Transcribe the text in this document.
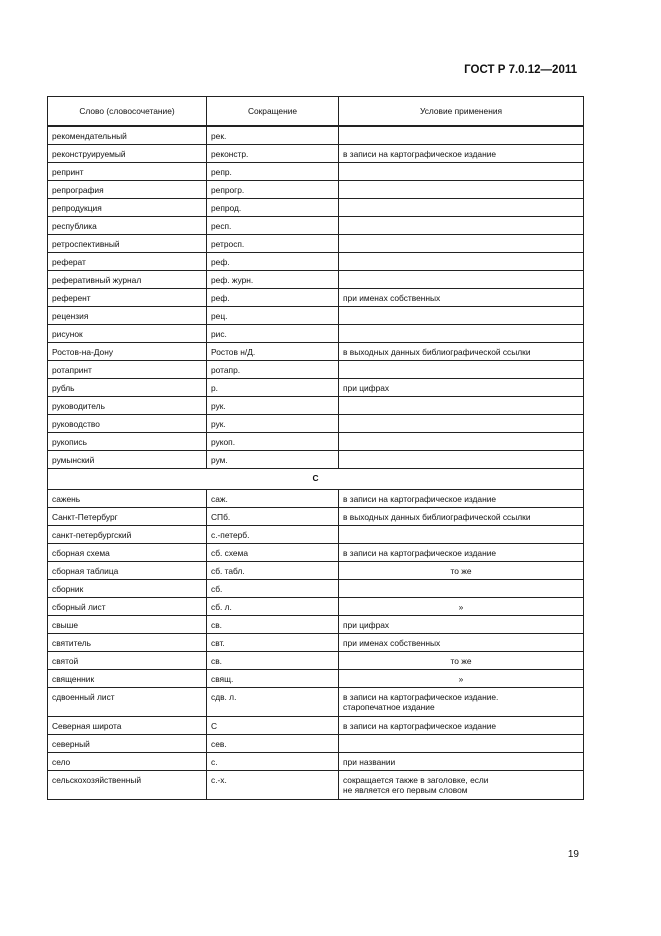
ГОСТ Р 7.0.12—2011
Слово (словосочетание)	Сокращение	Условие применения
рекомендательный	рек.	
реконструируемый	реконстр.	в записи на картографическое издание
репринт	репр.	
репрография	репрогр.	
репродукция	репрод.	
республика	респ.	
ретроспективный	ретросп.	
реферат	реф.	
реферативный журнал	реф. журн.	
референт	реф.	при именах собственных
рецензия	рец.	
рисунок	рис.	
Ростов-на-Дону	Ростов н/Д.	в выходных данных библиографической ссылки
ротапринт	ротапр.	
рубль	р.	при цифрах
руководитель	рук.	
руководство	рук.	
рукопись	рукоп.	
румынский	рум.	
С		
сажень	саж.	в записи на картографическое издание
Санкт-Петербург	СПб.	в выходных данных библиографической ссылки
санкт-петербургский	с.-петерб.	
сборная схема	сб. схема	в записи на картографическое издание
сборная таблица	сб. табл.	то же
сборник	сб.	
сборный лист	сб. л.	»
свыше	св.	при цифрах
святитель	свт.	при именах собственных
святой	св.	то же
священник	свящ.	»
сдвоенный лист	сдв. л.	в записи на картографическое издание.
старопечатное издание
Северная широта	С	в записи на картографическое издание
северный	сев.	
село	с.	при названии
сельскохозяйственный	с.-х.	сокращается также в заголовке, если
не является его первым словом
19
